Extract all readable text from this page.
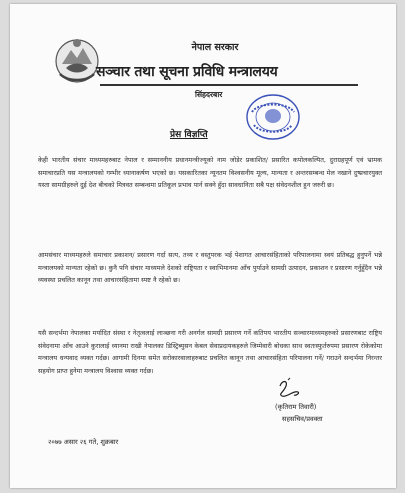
नेपाल सरकार
सञ्चार तथा सूचना प्रविधि मन्त्रालयय
सिंहदरबार
प्रेस विज्ञप्ति
केही भारतीय संचार माध्यमहरुबाट नेपाल र सम्माननीय प्रधानमन्त्रीज्यूको नाम जोडेर प्रकाशित/ प्रसारित कपोलकल्पित, दुराग्रहपूर्ण एवं भ्रामक समाचारप्रति यस मन्त्रालयको गम्भीर ध्यानाकर्षण भएको छ। यसकारितका न्यूनतम विश्वसनीय मूल्य, मान्यता र अन्तरसम्बन्ध मेल नखाने दुष्प्रचारयुक्त यस्ता सामग्रीहरुले दुई देश बीचको मित्रवत सम्बन्धमा प्रतिकूल प्रभाव पार्न सक्ने हुँदा सावधानिता सबै पक्ष संवेदनशील हुन जरुरी छ।
आमसंचार माध्यमहरुले समाचार प्रकाशन/ प्रसारण गर्दा सत्य, तथ्य र वस्तुपरक भई पेशागत आचारसंहिताको परिपालनामा स्वयं प्रतिबद्ध हुनुपर्ने भन्ने मन्त्रालयको मान्यता रहेको छ। कुनै पनि संचार माध्यमले देशको राष्ट्रियता र स्वाभिमानमा आँच पुर्याउने सामग्री उत्पादन, प्रकाशन र प्रसारण गर्नुहुँदैन भन्ने व्यवस्था प्रचलित कानून तथा आचारसंहितामा स्पष्ट नै रहेको छ।
यसै सन्दर्भमा नेपालका मर्यादित संस्था र नेतृत्वलाई लाञ्छना गरी अनर्गल सामग्री प्रसारण गर्ने कतिपय भारतीय सञ्चारमाध्यमहरुको प्रसारणबाट राष्ट्रिय संवेदनामा आँच आउने कुरालाई ध्यानमा राखी नेपालका डिस्ट्रिब्युसन केबल सेवाप्रदायकहरुले जिम्मेवारी बोधका साथ स्वतःस्फुर्तरुपमा प्रसारण रोकेकोमा मन्त्रालय धन्यवाद व्यक्त गर्दछ। आगामी दिनमा समेत सरोकारवालाहरुबाट प्रचलित कानून तथा आचारसंहिता परिपालना गर्ने/ गराउने सन्दर्भमा निरन्तर सहयोग प्राप्त हुनेमा मन्त्रालय विश्वास व्यक्त गर्दछ।
(कृतिराम तिवारी)
सहसचिव/प्रवक्ता
२०७७ असार २६ गते, शुक्रबार
